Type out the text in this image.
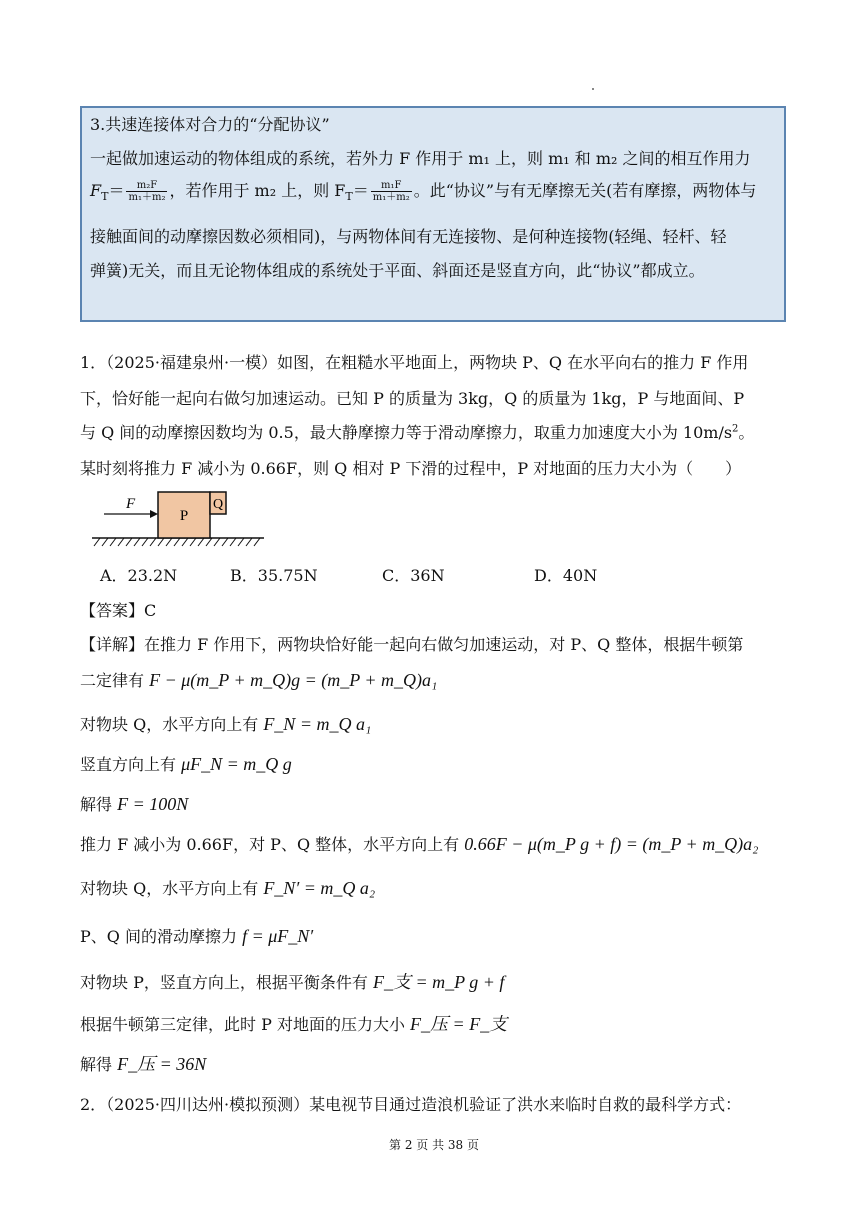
3.共速连接体对合力的“分配协议”
一起做加速运动的物体组成的系统，若外力 F 作用于 m₁ 上，则 m₁ 和 m₂ 之间的相互作用力
$F_T= \frac{\text{m₂F}}{\text{m₁＋m₂}}$ ，若作用于 m₂ 上，则 $F_T= \frac{\text{m₁F}}{\text{m₁＋m₂}}$ 。此“协议”与有无摩擦无关(若有摩擦，两物体与
接触面间的动摩擦因数必须相同)，与两物体间有无连接物、是何种连接物(轻绳、轻杆、轻
弹簧)无关，而且无论物体组成的系统处于平面、斜面还是竖直方向，此“协议”都成立。
1．（2025·福建泉州·一模）如图，在粗糙水平地面上，两物块 P、Q 在水平向右的推力 F 作用
下，恰好能一起向右做匀加速运动。已知 P 的质量为 3kg，Q 的质量为 1kg，P 与地面间、P
与 Q 间的动摩擦因数均为 0.5，最大静摩擦力等于滑动摩擦力，取重力加速度大小为 $10m/s^2$。
某时刻将推力 F 减小为 0.66F，则 Q 相对 P 下滑的过程中，P 对地面的压力大小为（　　）
P
Q
F
A．23.2N	B．35.75N	C．36N	D．40N
【答案】C
【详解】在推力 F 作用下，两物块恰好能一起向右做匀加速运动，对 P、Q 整体，根据牛顿第
二定律有 F − μ(m_P + m_Q)g = (m_P + m_Q)a₁
对物块 Q，水平方向上有 F_N = m_Q a₁
竖直方向上有 μF_N = m_Q g
解得 F = 100N
推力 F 减小为 0.66F，对 P、Q 整体，水平方向上有 0.66F − μ(m_P g + f) = (m_P + m_Q)a₂
对物块 Q，水平方向上有 F_N′ = m_Q a₂
P、Q 间的滑动摩擦力 f = μF_N′
对物块 P，竖直方向上，根据平衡条件有 F_支 = m_P g + f
根据牛顿第三定律，此时 P 对地面的压力大小 F_压 = F_支
解得 F_压 = 36N
2．（2025·四川达州·模拟预测）某电视节目通过造浪机验证了洪水来临时自救的最科学方式：
第 2 页 共 38 页
